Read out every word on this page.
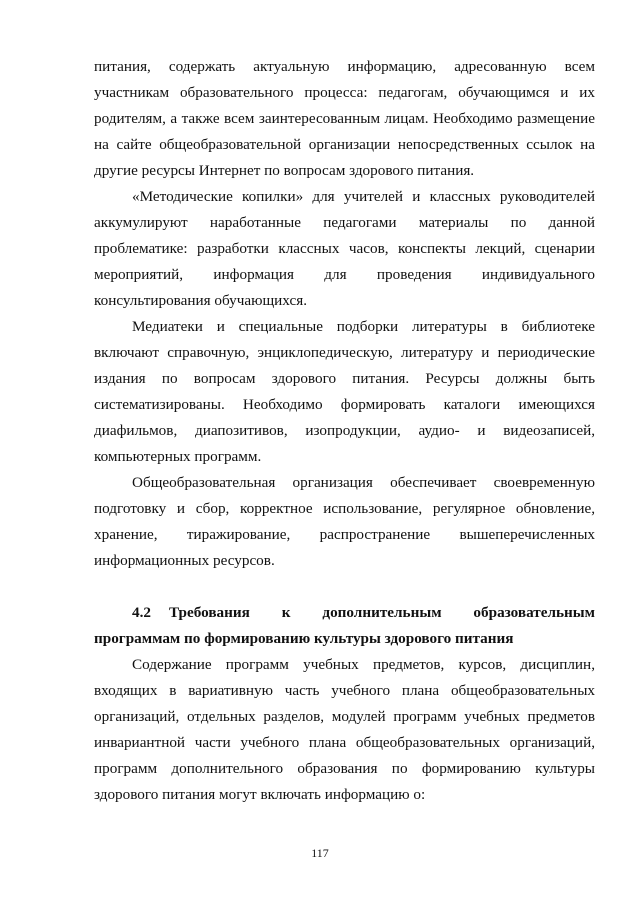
питания, содержать актуальную информацию, адресованную всем участникам образовательного процесса: педагогам, обучающимся и их родителям, а также всем заинтересованным лицам. Необходимо размещение на сайте общеобразовательной организации непосредственных ссылок на другие ресурсы Интернет по вопросам здорового питания.

«Методические копилки» для учителей и классных руководителей аккумулируют наработанные педагогами материалы по данной проблематике: разработки классных часов, конспекты лекций, сценарии мероприятий, информация для проведения индивидуального консультирования обучающихся.

Медиатеки и специальные подборки литературы в библиотеке включают справочную, энциклопедическую, литературу и периодические издания по вопросам здорового питания. Ресурсы должны быть систематизированы. Необходимо формировать каталоги имеющихся диафильмов, диапозитивов, изопродукции, аудио- и видеозаписей, компьютерных программ.

Общеобразовательная организация обеспечивает своевременную подготовку и сбор, корректное использование, регулярное обновление, хранение, тиражирование, распространение вышеперечисленных информационных ресурсов.

4.2 Требования к дополнительным образовательным программам по формированию культуры здорового питания

Содержание программ учебных предметов, курсов, дисциплин, входящих в вариативную часть учебного плана общеобразовательных организаций, отдельных разделов, модулей программ учебных предметов инвариантной части учебного плана общеобразовательных организаций, программ дополнительного образования по формированию культуры здорового питания могут включать информацию о:

117
